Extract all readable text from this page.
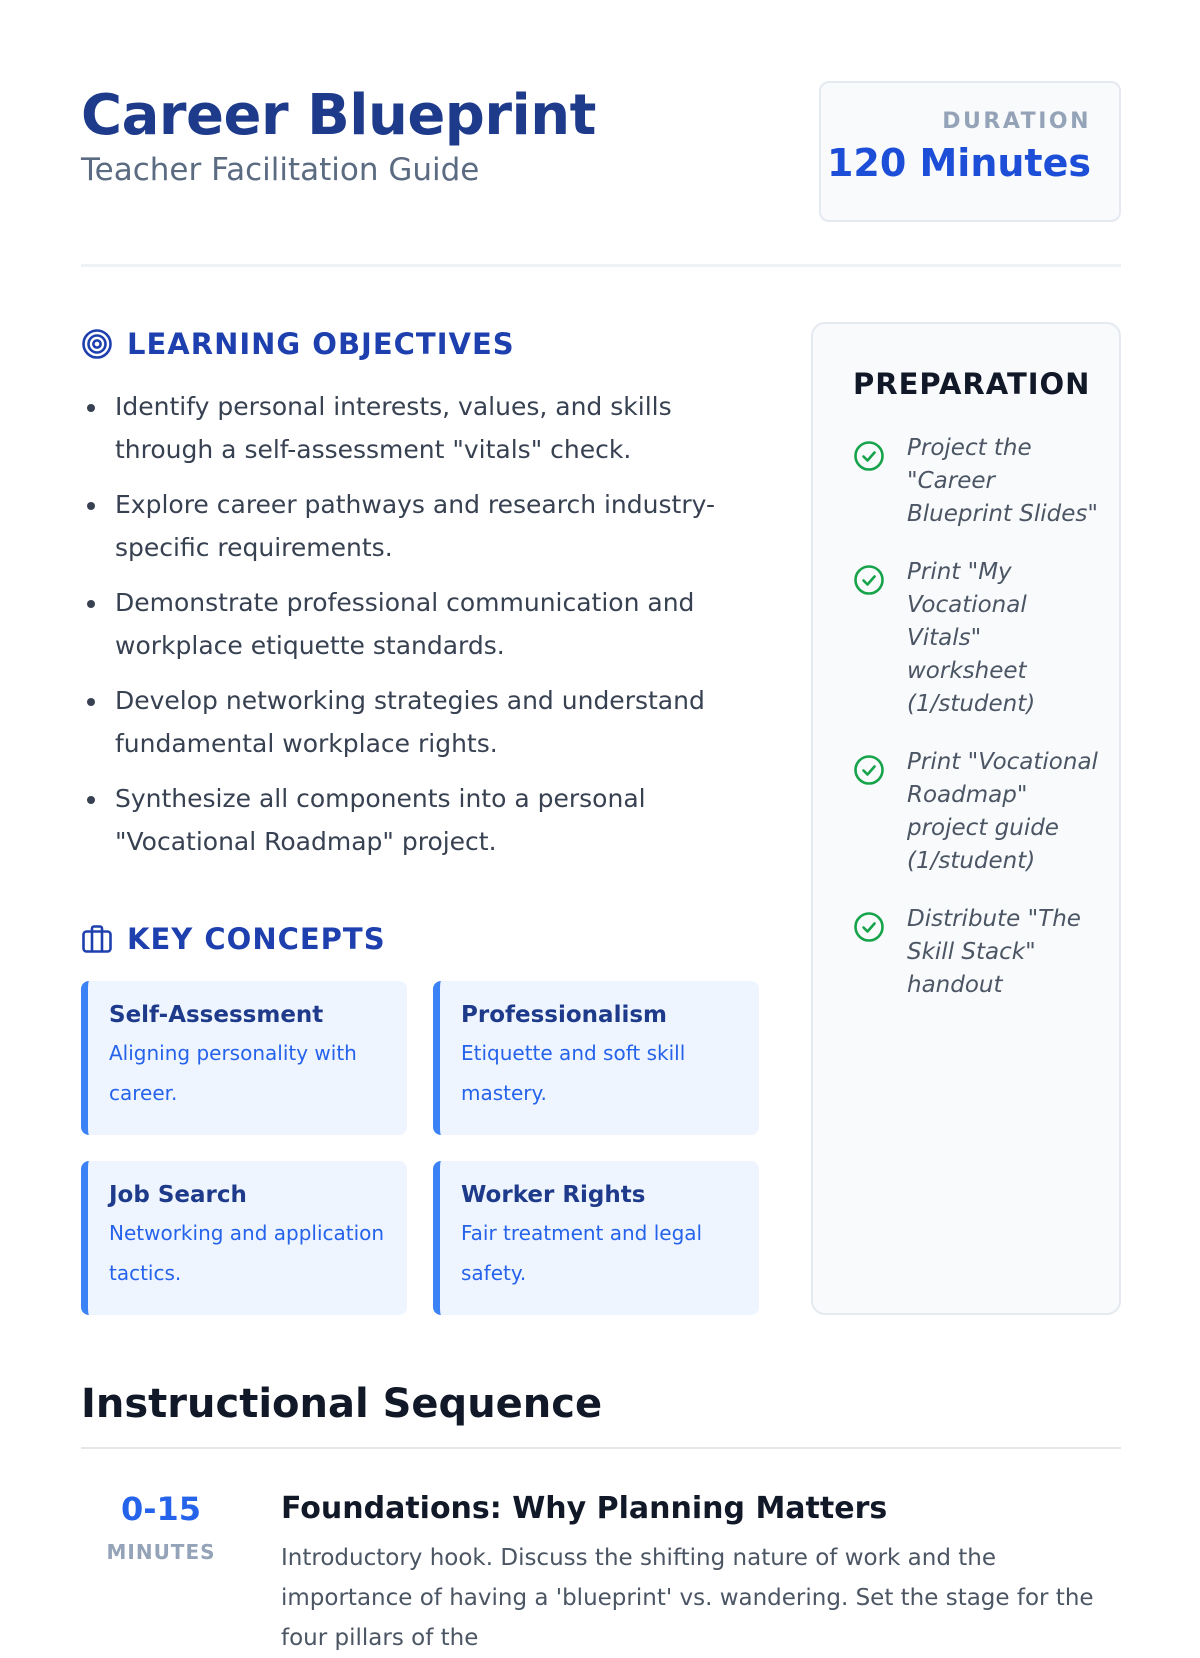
Career Blueprint
Teacher Facilitation Guide
DURATION
120 Minutes
LEARNING OBJECTIVES
Identify personal interests, values, and skills through a self-assessment "vitals" check.
Explore career pathways and research industry-specific requirements.
Demonstrate professional communication and workplace etiquette standards.
Develop networking strategies and understand fundamental workplace rights.
Synthesize all components into a personal "Vocational Roadmap" project.
KEY CONCEPTS
Self-Assessment
Aligning personality with career.
Professionalism
Etiquette and soft skill mastery.
Job Search
Networking and application tactics.
Worker Rights
Fair treatment and legal safety.
PREPARATION
Project the "Career Blueprint Slides"
Print "My Vocational Vitals" worksheet (1/student)
Print "Vocational Roadmap" project guide (1/student)
Distribute "The Skill Stack" handout
Instructional Sequence
0-15
MINUTES
Foundations: Why Planning Matters
Introductory hook. Discuss the shifting nature of work and the importance of having a 'blueprint' vs. wandering. Set the stage for the four pillars of the
